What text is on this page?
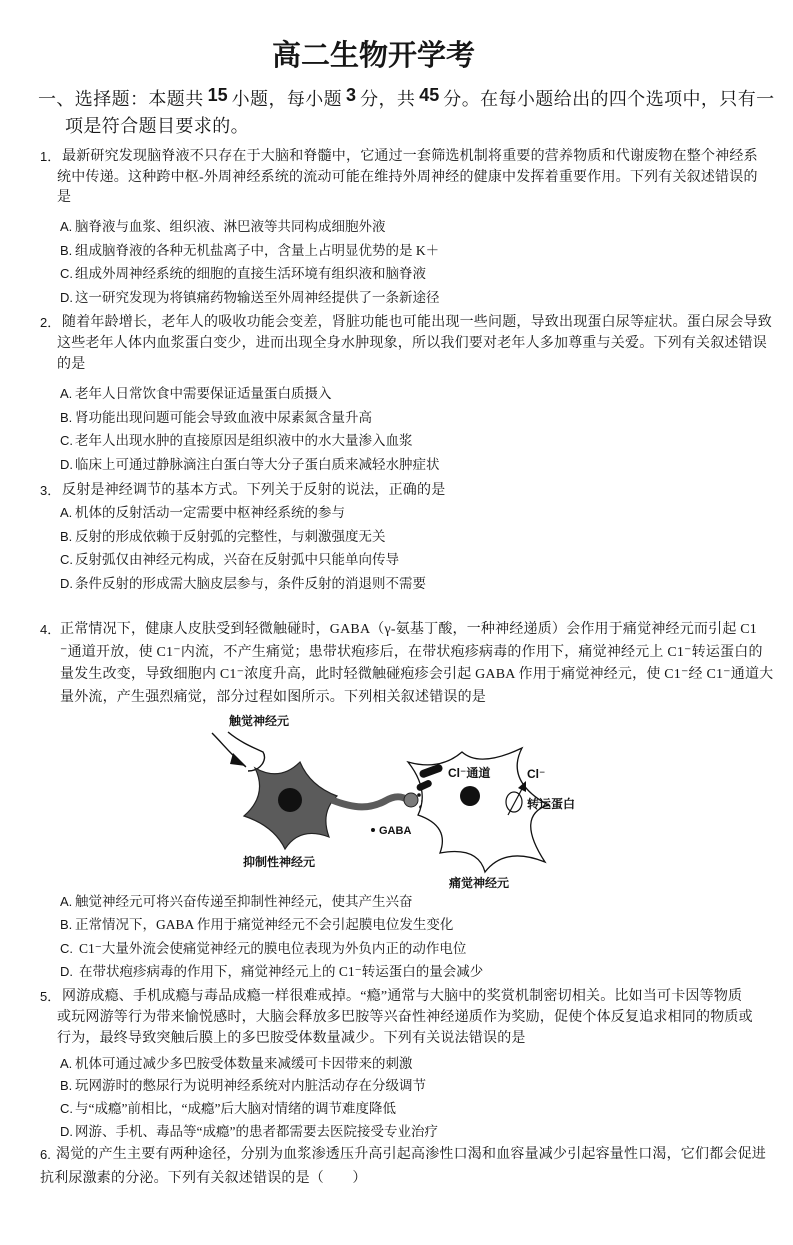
高二生物开学考
一、选择题：本题共 15 小题，每小题 3 分，共 45 分。在每小题给出的四个选项中，只有一
项是符合题目要求的。
1． 最新研究发现脑脊液不只存在于大脑和脊髓中，它通过一套筛选机制将重要的营养物质和代谢废物在整个神经系
统中传递。这种跨中枢-外周神经系统的流动可能在维持外周神经的健康中发挥着重要作用。下列有关叙述错误的
是
A. 脑脊液与血浆、组织液、淋巴液等共同构成细胞外液
B. 组成脑脊液的各种无机盐离子中，含量上占明显优势的是 K＋
C. 组成外周神经系统的细胞的直接生活环境有组织液和脑脊液
D. 这一研究发现为将镇痛药物输送至外周神经提供了一条新途径
2． 随着年龄增长，老年人的吸收功能会变差，肾脏功能也可能出现一些问题，导致出现蛋白尿等症状。蛋白尿会导致
这些老年人体内血浆蛋白变少，进而出现全身水肿现象，所以我们要对老年人多加尊重与关爱。下列有关叙述错误
的是
A. 老年人日常饮食中需要保证适量蛋白质摄入
B. 肾功能出现问题可能会导致血液中尿素氮含量升高
C. 老年人出现水肿的直接原因是组织液中的水大量渗入血浆
D. 临床上可通过静脉滴注白蛋白等大分子蛋白质来减轻水肿症状
3． 反射是神经调节的基本方式。下列关于反射的说法，正确的是
A. 机体的反射活动一定需要中枢神经系统的参与
B. 反射的形成依赖于反射弧的完整性，与刺激强度无关
C. 反射弧仅由神经元构成，兴奋在反射弧中只能单向传导
D. 条件反射的形成需大脑皮层参与，条件反射的消退则不需要
4． 正常情况下，健康人皮肤受到轻微触碰时，GABA（γ-氨基丁酸，一种神经递质）会作用于痛觉神经元而引起 C1
⁻通道开放，使 C1⁻内流，不产生痛觉；患带状疱疹后，在带状疱疹病毒的作用下，痛觉神经元上 C1⁻转运蛋白的
量发生改变，导致细胞内 C1⁻浓度升高，此时轻微触碰疱疹会引起 GABA 作用于痛觉神经元，使 C1⁻经 C1⁻通道大
量外流，产生强烈痛觉，部分过程如图所示。下列相关叙述错误的是
触觉神经元
Cl⁻通道	Cl⁻
转运蛋白
GABA
抑制性神经元
痛觉神经元
A. 触觉神经元可将兴奋传递至抑制性神经元，使其产生兴奋
B. 正常情况下，GABA 作用于痛觉神经元不会引起膜电位发生变化
C. C1⁻大量外流会使痛觉神经元的膜电位表现为外负内正的动作电位
D. 在带状疱疹病毒的作用下，痛觉神经元上的 C1⁻转运蛋白的量会减少
5． 网游成瘾、手机成瘾与毒品成瘾一样很难戒掉。“瘾”通常与大脑中的奖赏机制密切相关。比如当可卡因等物质
或玩网游等行为带来愉悦感时，大脑会释放多巴胺等兴奋性神经递质作为奖励，促使个体反复追求相同的物质或
行为，最终导致突触后膜上的多巴胺受体数量减少。下列有关说法错误的是
A. 机体可通过减少多巴胺受体数量来减缓可卡因带来的刺激
B. 玩网游时的憋尿行为说明神经系统对内脏活动存在分级调节
C. 与“成瘾”前相比，“成瘾”后大脑对情绪的调节难度降低
D. 网游、手机、毒品等“成瘾”的患者都需要去医院接受专业治疗
6. 渴觉的产生主要有两种途径，分别为血浆渗透压升高引起高渗性口渴和血容量减少引起容量性口渴，它们都会促进
抗利尿激素的分泌。下列有关叙述错误的是（　　）
